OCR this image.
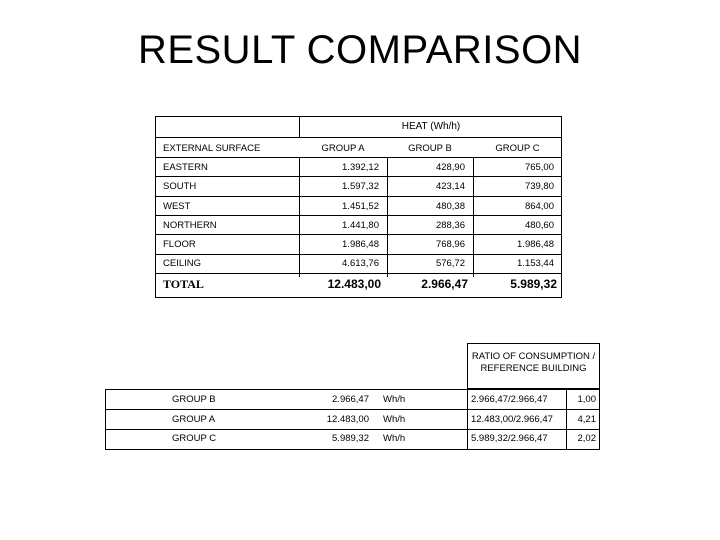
RESULT COMPARISON
HEAT (Wh/h)
EXTERNAL SURFACE	GROUP A	GROUP B	GROUP C
EASTERN	1.392,12	428,90	765,00
SOUTH	1.597,32	423,14	739,80
WEST	1.451,52	480,38	864,00
NORTHERN	1.441,80	288,36	480,60
FLOOR	1.986,48	768,96	1.986,48
CEILING	4.613,76	576,72	1.153,44
TOTAL	12.483,00	2.966,47	5.989,32
RATIO OF CONSUMPTION / REFERENCE BUILDING
GROUP B	2.966,47 Wh/h	2.966,47/2.966,47	1,00
GROUP A	12.483,00 Wh/h	12.483,00/2.966,47	4,21
GROUP C	5.989,32 Wh/h	5.989,32/2.966,47	2,02
